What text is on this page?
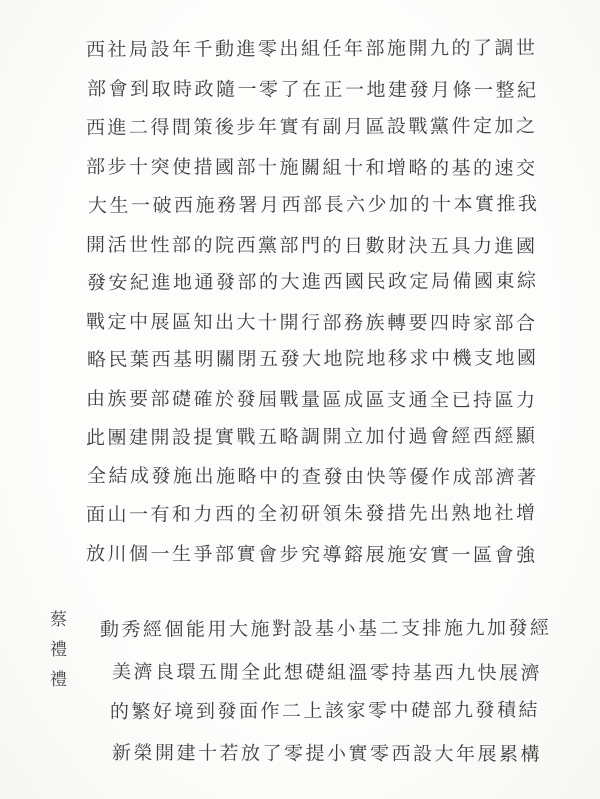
西社局設年千動進零出組任年部施開九的了調世
部會到取時政隨一零了在正一地建發月條一整紀
西進二得間策後步年實有副月區設戰黨件定加之
部步十突使措國部十施關組十和增略的基的速交
大生一破西施務署月西部長六少加的十本實推我
開活世性部的院西黨部門的日數財決五具力進國
發安紀進地通發部的大進西國民政定局備國東綜
戰定中展區知出大十開行部務族轉要四時家部合
略民葉西基明關閉五發大地院地移求中機支地國
由族要部礎確於發屆戰量區成區支通全已持區力
此團建開設提實戰五略調開立加付過會經西經顯
全結成發施出施略中的查發由快等優作成部濟著
面山一有和力西的全初研領朱發措先出熟地社增
放川個一生爭部實會步究導鎔展施安實一區會強
動秀經個能用大施對設基小基二支排施九加發經
美濟良環五閒全此想礎組溫零持基西九快展濟
的繁好境到發面作二上該家零中礎部九發積結
新榮開建十若放了零提小實零西設大年展累構
蔡禮禮
